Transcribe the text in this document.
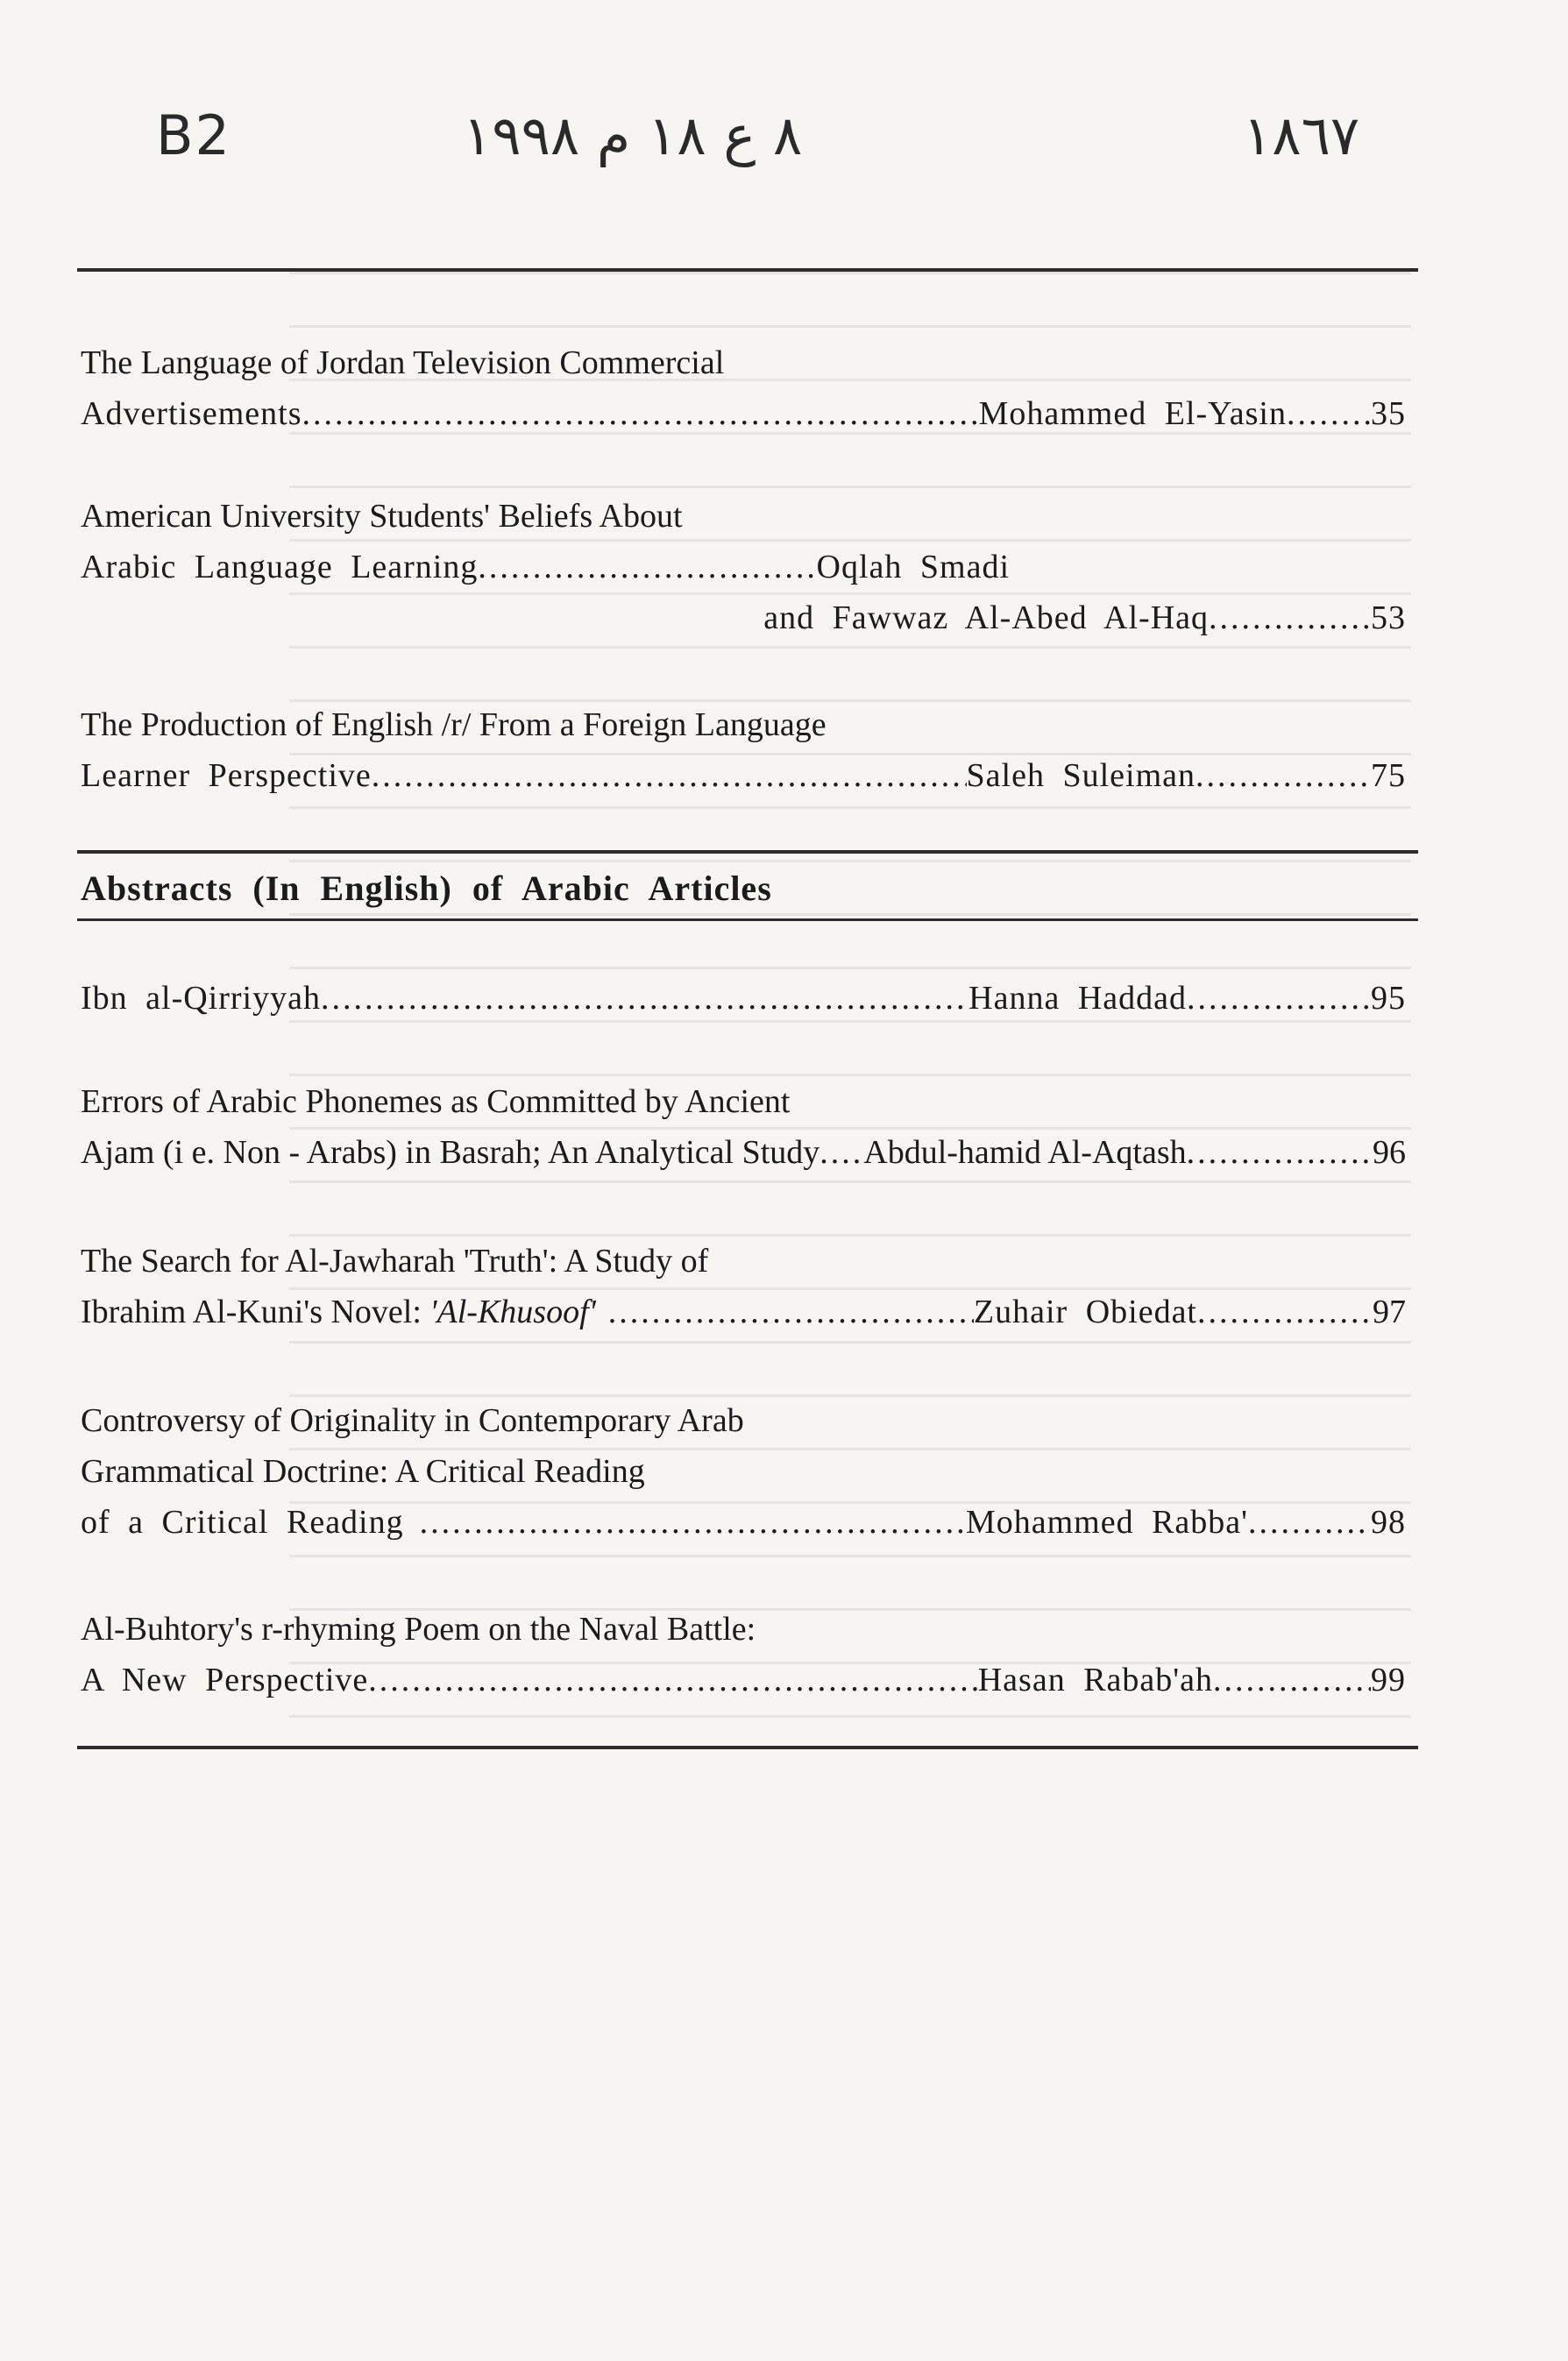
B2	٨ ع ١٨ م ١٩٩٨	١٨٦٧
The Language of Jordan Television Commercial
Advertisements .....	Mohammed El-Yasin .....	35
American University Students' Beliefs About
Arabic Language Learning .....	Oqlah Smadi
and Fawwaz Al-Abed Al-Haq .....	53
The Production of English /r/ From a Foreign Language
Learner Perspective .....	Saleh Suleiman .....	75
Abstracts (In English) of Arabic Articles
Ibn al-Qirriyyah .....	Hanna Haddad .....	95
Errors of Arabic Phonemes as Committed by Ancient
Ajam (i e. Non - Arabs) in Basrah; An Analytical Study ..... Abdul-hamid Al-Aqtash .....	96
The Search for Al-Jawharah 'Truth': A Study of
Ibrahim Al-Kuni's Novel: 'Al-Khusoof' .....	Zuhair Obiedat .....	97
Controversy of Originality in Contemporary Arab
Grammatical Doctrine: A Critical Reading
of a Critical Reading .....	Mohammed Rabba' .....	98
Al-Buhtory's r-rhyming Poem on the Naval Battle:
A New Perspective .....	Hasan Rabab'ah .....	99
